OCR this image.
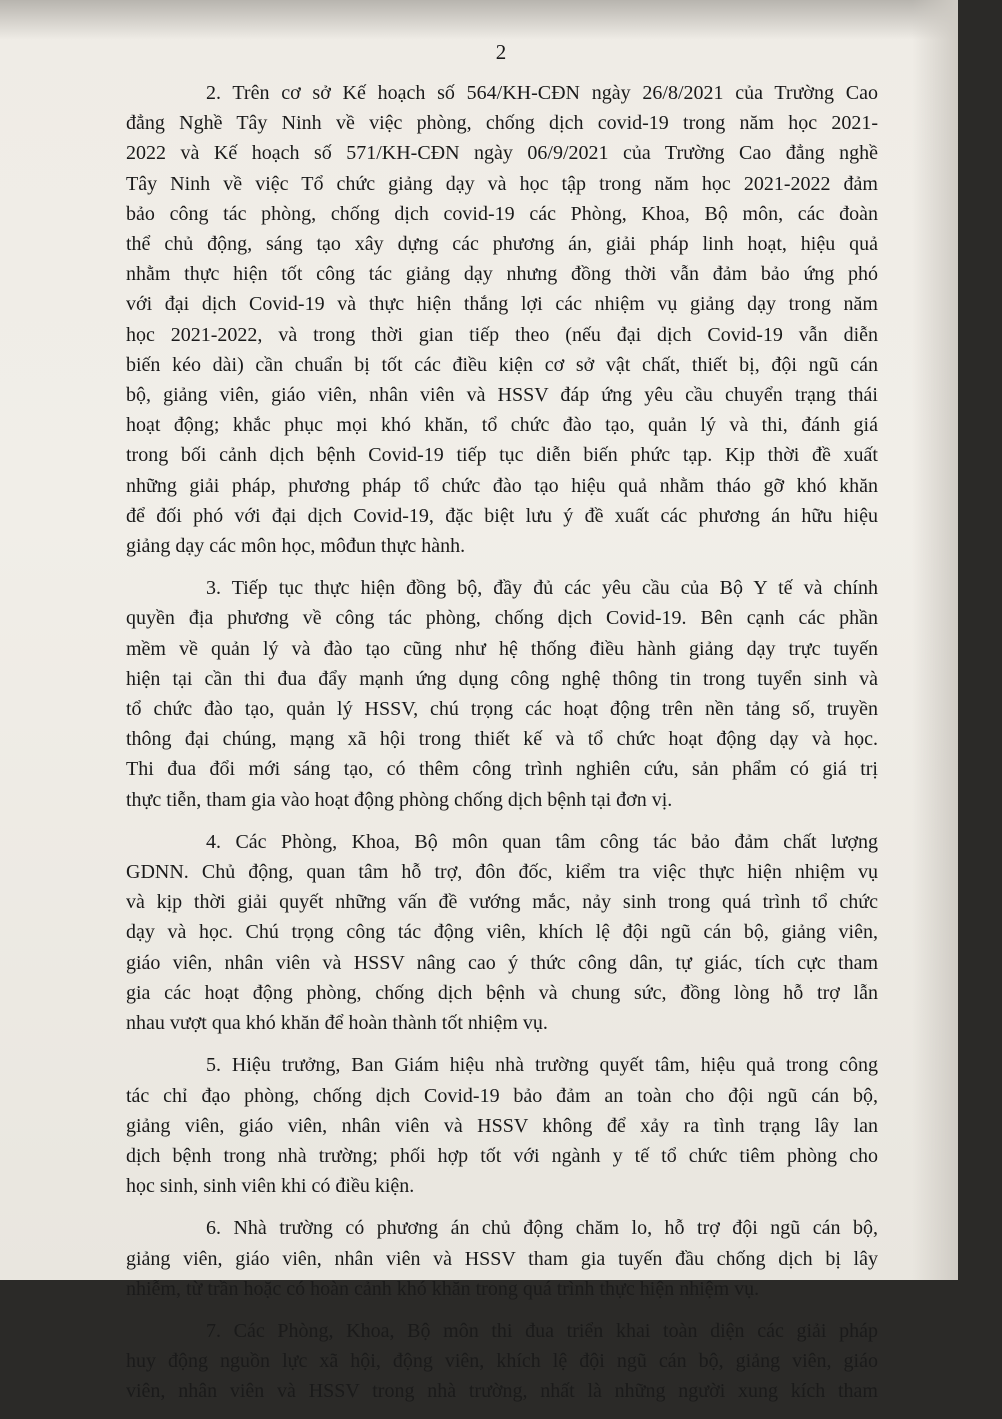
2
2. Trên cơ sở Kế hoạch số 564/KH-CĐN ngày 26/8/2021 của Trường Cao
đẳng Nghề Tây Ninh về việc phòng, chống dịch covid-19 trong năm học 2021-
2022 và Kế hoạch số 571/KH-CĐN ngày 06/9/2021 của Trường Cao đẳng nghề
Tây Ninh về việc Tổ chức giảng dạy và học tập trong năm học 2021-2022 đảm
bảo công tác phòng, chống dịch covid-19 các Phòng, Khoa, Bộ môn, các đoàn
thể chủ động, sáng tạo xây dựng các phương án, giải pháp linh hoạt, hiệu quả
nhằm thực hiện tốt công tác giảng dạy nhưng đồng thời vẫn đảm bảo ứng phó
với đại dịch Covid-19 và thực hiện thắng lợi các nhiệm vụ giảng dạy trong năm
học 2021-2022, và trong thời gian tiếp theo (nếu đại dịch Covid-19 vẫn diễn
biến kéo dài) cần chuẩn bị tốt các điều kiện cơ sở vật chất, thiết bị, đội ngũ cán
bộ, giảng viên, giáo viên, nhân viên và HSSV đáp ứng yêu cầu chuyển trạng thái
hoạt động; khắc phục mọi khó khăn, tổ chức đào tạo, quản lý và thi, đánh giá
trong bối cảnh dịch bệnh Covid-19 tiếp tục diễn biến phức tạp. Kịp thời đề xuất
những giải pháp, phương pháp tổ chức đào tạo hiệu quả nhằm tháo gỡ khó khăn
để đối phó với đại dịch Covid-19, đặc biệt lưu ý đề xuất các phương án hữu hiệu
giảng dạy các môn học, môđun thực hành.
3. Tiếp tục thực hiện đồng bộ, đầy đủ các yêu cầu của Bộ Y tế và chính
quyền địa phương về công tác phòng, chống dịch Covid-19. Bên cạnh các phần
mềm về quản lý và đào tạo cũng như hệ thống điều hành giảng dạy trực tuyến
hiện tại cần thi đua đẩy mạnh ứng dụng công nghệ thông tin trong tuyển sinh và
tổ chức đào tạo, quản lý HSSV, chú trọng các hoạt động trên nền tảng số, truyền
thông đại chúng, mạng xã hội trong thiết kế và tổ chức hoạt động dạy và học.
Thi đua đổi mới sáng tạo, có thêm công trình nghiên cứu, sản phẩm có giá trị
thực tiễn, tham gia vào hoạt động phòng chống dịch bệnh tại đơn vị.
4. Các Phòng, Khoa, Bộ môn quan tâm công tác bảo đảm chất lượng
GDNN. Chủ động, quan tâm hỗ trợ, đôn đốc, kiểm tra việc thực hiện nhiệm vụ
và kịp thời giải quyết những vấn đề vướng mắc, nảy sinh trong quá trình tổ chức
dạy và học. Chú trọng công tác động viên, khích lệ đội ngũ cán bộ, giảng viên,
giáo viên, nhân viên và HSSV nâng cao ý thức công dân, tự giác, tích cực tham
gia các hoạt động phòng, chống dịch bệnh và chung sức, đồng lòng hỗ trợ lẫn
nhau vượt qua khó khăn để hoàn thành tốt nhiệm vụ.
5. Hiệu trưởng, Ban Giám hiệu nhà trường quyết tâm, hiệu quả trong công
tác chỉ đạo phòng, chống dịch Covid-19 bảo đảm an toàn cho đội ngũ cán bộ,
giảng viên, giáo viên, nhân viên và HSSV không để xảy ra tình trạng lây lan
dịch bệnh trong nhà trường; phối hợp tốt với ngành y tế tổ chức tiêm phòng cho
học sinh, sinh viên khi có điều kiện.
6. Nhà trường có phương án chủ động chăm lo, hỗ trợ đội ngũ cán bộ,
giảng viên, giáo viên, nhân viên và HSSV tham gia tuyến đầu chống dịch bị lây
nhiễm, từ trần hoặc có hoàn cảnh khó khăn trong quá trình thực hiện nhiệm vụ.
7. Các Phòng, Khoa, Bộ môn thi đua triển khai toàn diện các giải pháp
huy động nguồn lực xã hội, động viên, khích lệ đội ngũ cán bộ, giảng viên, giáo
viên, nhân viên và HSSV trong nhà trường, nhất là những người xung kích tham
